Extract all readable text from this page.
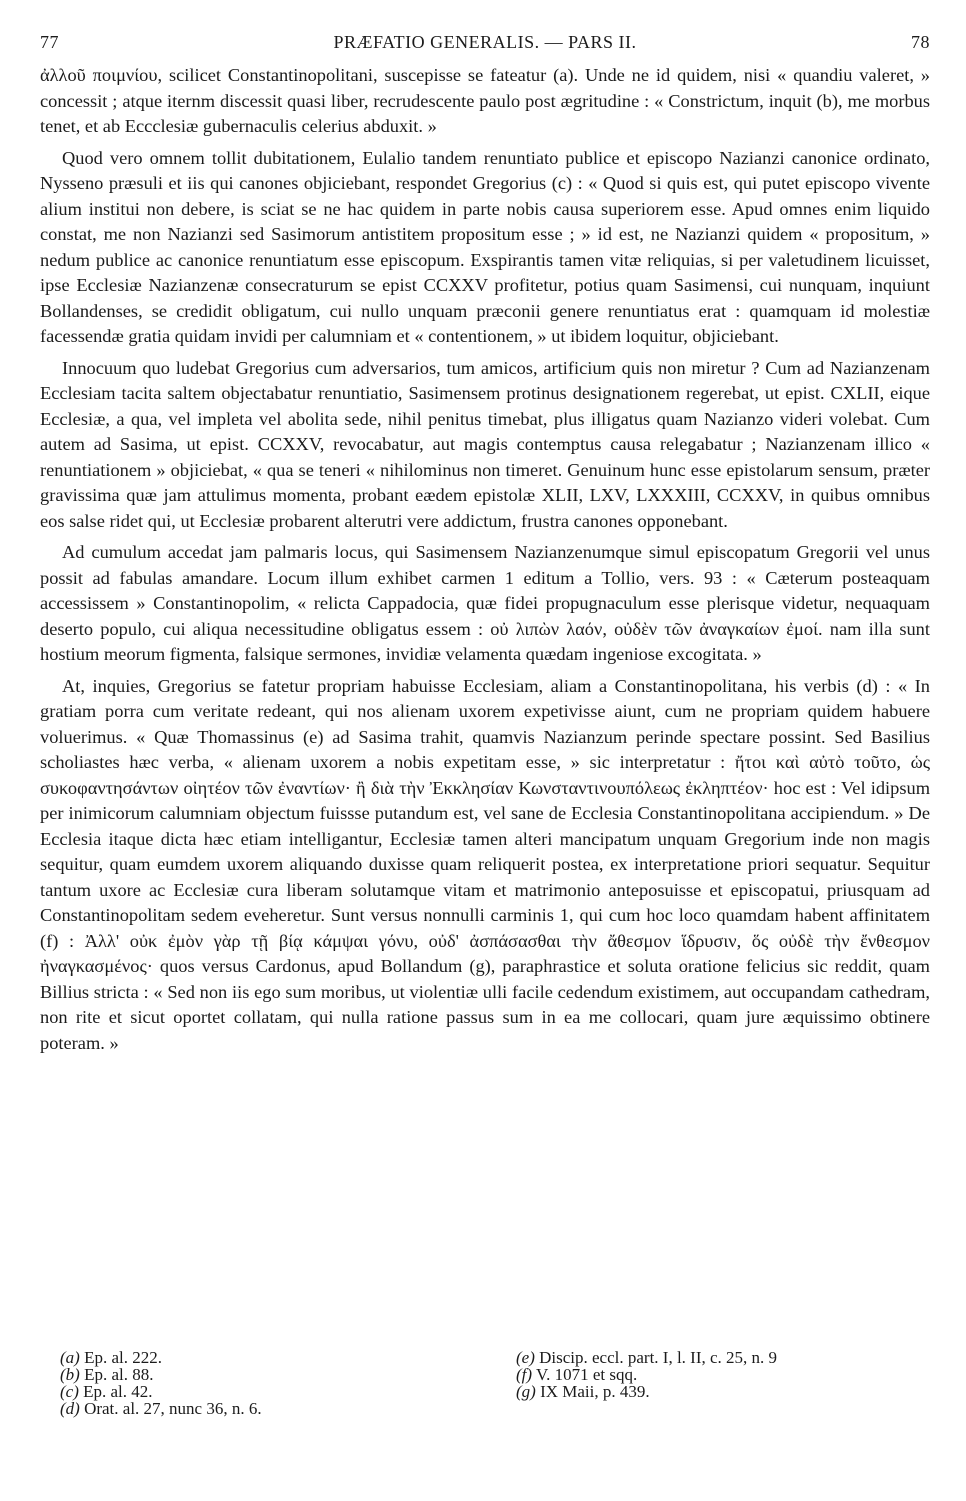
77	PRÆFATIO GENERALIS. — PARS II.	78

ἀλλοῦ ποιμνίου, scilicet Constantinopolitani, suscepisse se fateatur (a). Unde ne id quidem, nisi « quandiu valeret, » concessit ; atque iternm discessit quasi liber, recrudescente paulo post ægritudine : « Constrictum, inquit (b), me morbus tenet, et ab Eccclesiæ gubernaculis celerius abduxit. »

Quod vero omnem tollit dubitationem, Eulalio tandem renuntiato publice et episcopo Nazianzi canonice ordinato, Nysseno præsuli et iis qui canones objiciebant, respondet Gregorius (c) : « Quod si quis est, qui putet episcopo vivente alium institui non debere, is sciat se ne hac quidem in parte nobis causa superiorem esse. Apud omnes enim liquido constat, me non Nazianzi sed Sasimorum antistitem propositum esse ; » id est, ne Nazianzi quidem « propositum, » nedum publice ac canonice renuntiatum esse episcopum. Exspirantis tamen vitæ reliquias, si per valetudinem licuisset, ipse Ecclesiæ Nazianzenæ consecraturum se epist CCXXV profitetur, potius quam Sasimensi, cui nunquam, inquiunt Bollandenses, se credidit obligatum, cui nullo unquam præconii genere renuntiatus erat : quamquam id molestiæ facessendæ gratia quidam invidi per calumniam et « contentionem, » ut ibidem loquitur, objiciebant.

Innocuum quo ludebat Gregorius cum adversarios, tum amicos, artificium quis non miretur ? Cum ad Nazianzenam Ecclesiam tacita saltem objectabatur renuntiatio, Sasimensem protinus designationem regerebat, ut epist. CXLII, eique Ecclesiæ, a qua, vel impleta vel abolita sede, nihil penitus timebat, plus illigatus quam Nazianzo videri volebat. Cum autem ad Sasima, ut epist. CCXXV, revocabatur, aut magis contemptus causa relegabatur ; Nazianzenam illico « renuntiationem » objiciebat, « qua se teneri « nihilominus non timeret. Genuinum hunc esse epistolarum sensum, præter gravissima quæ jam attulimus momenta, probant eædem epistolæ XLII, LXV, LXXXIII, CCXXV, in quibus omnibus eos salse ridet qui, ut Ecclesiæ probarent alterutri vere addictum, frustra canones opponebant.

Ad cumulum accedat jam palmaris locus, qui Sasimensem Nazianzenumque simul episcopatum Gregorii vel unus possit ad fabulas amandare. Locum illum exhibet carmen 1 editum a Tollio, vers. 93 : « Cæterum posteaquam accessissem » Constantinopolim, « relicta Cappadocia, quæ fidei propugnaculum esse plerisque videtur, nequaquam deserto populo, cui aliqua necessitudine obligatus essem : οὐ λιπὼν λαόν, οὐδὲν τῶν ἀναγκαίων ἐμοί. nam illa sunt hostium meorum figmenta, falsique sermones, invidiæ velamenta quædam ingeniose excogitata. »

At, inquies, Gregorius se fatetur propriam habuisse Ecclesiam, aliam a Constantinopolitana, his verbis (d) : « In gratiam porra cum veritate redeant, qui nos alienam uxorem expetivisse aiunt, cum ne propriam quidem habuere voluerimus. « Quæ Thomassinus (e) ad Sasima trahit, quamvis Nazianzum perinde spectare possint. Sed Basilius scholiastes hæc verba, « alienam uxorem a nobis expetitam esse, » sic interpretatur : ἤτοι καὶ αὐτὸ τοῦτο, ὡς συκοφαντησάντων οἰητέον τῶν ἐναντίων· ἢ διὰ τὴν Ἐκκλησίαν Κωνσταντινουπόλεως ἐκληπτέον· hoc est : Vel idipsum per inimicorum calumniam objectum fuissse putandum est, vel sane de Ecclesia Constantinopolitana accipiendum. » De Ecclesia itaque dicta hæc etiam intelligantur, Ecclesiæ tamen alteri mancipatum unquam Gregorium inde non magis sequitur, quam eumdem uxorem aliquando duxisse quam reliquerit postea, ex interpretatione priori sequatur. Sequitur tantum uxore ac Ecclesiæ cura liberam solutamque vitam et matrimonio anteposuisse et episcopatui, priusquam ad Constantinopolitam sedem eveheretur. Sunt versus nonnulli carminis 1, qui cum hoc loco quamdam habent affinitatem (f) : Ἀλλ' οὐκ ἐμὸν γὰρ τῇ βίᾳ κάμψαι γόνυ, οὐδ' ἀσπάσασθαι τὴν ἄθεσμον ἵδρυσιν, ὅς οὐδὲ τὴν ἔνθεσμον ἠναγκασμένος· quos versus Cardonus, apud Bollandum (g), paraphrastice et soluta oratione felicius sic reddit, quam Billius stricta : « Sed non iis ego sum moribus, ut violentiæ ulli facile cedendum existimem, aut occupandam cathedram, non rite et sicut oportet collatam, qui nulla ratione passus sum in ea me collocari, quam jure æquissimo obtinere poteram. »

(a) Ep. al. 222.
(b) Ep. al. 88.
(c) Ep. al. 42.
(d) Orat. al. 27, nunc 36, n. 6.
(e) Discip. eccl. part. I, l. II, c. 25, n. 9
(f) V. 1071 et sqq.
(g) IX Maii, p. 439.
